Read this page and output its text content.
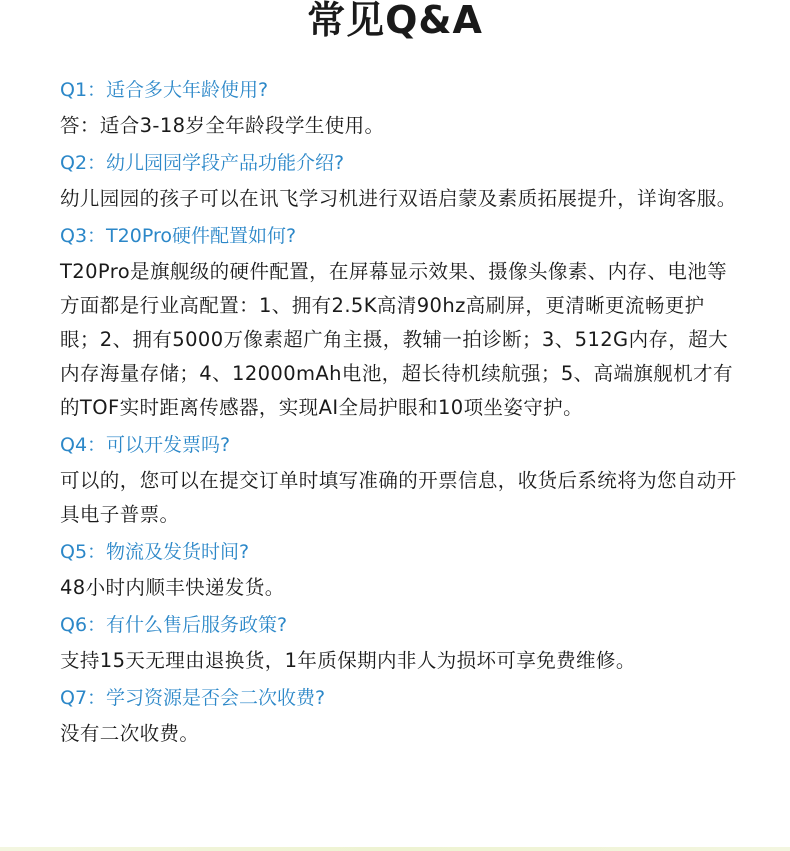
常见Q&A
Q1：适合多大年龄使用?
答：适合3-18岁全年龄段学生使用。
Q2：幼儿园园学段产品功能介绍?
幼儿园园的孩子可以在讯飞学习机进行双语启蒙及素质拓展提升，详询客服。
Q3：T20Pro硬件配置如何?
T20Pro是旗舰级的硬件配置，在屏幕显示效果、摄像头像素、内存、电池等方面都是行业高配置：1、拥有2.5K高清90hz高刷屏，更清晰更流畅更护眼；2、拥有5000万像素超广角主摄，教辅一拍诊断；3、512G内存，超大内存海量存储；4、12000mAh电池，超长待机续航强；5、高端旗舰机才有的TOF实时距离传感器，实现AI全局护眼和10项坐姿守护。
Q4：可以开发票吗?
可以的，您可以在提交订单时填写准确的开票信息，收货后系统将为您自动开具电子普票。
Q5：物流及发货时间?
48小时内顺丰快递发货。
Q6：有什么售后服务政策?
支持15天无理由退换货，1年质保期内非人为损坏可享免费维修。
Q7：学习资源是否会二次收费?
没有二次收费。
